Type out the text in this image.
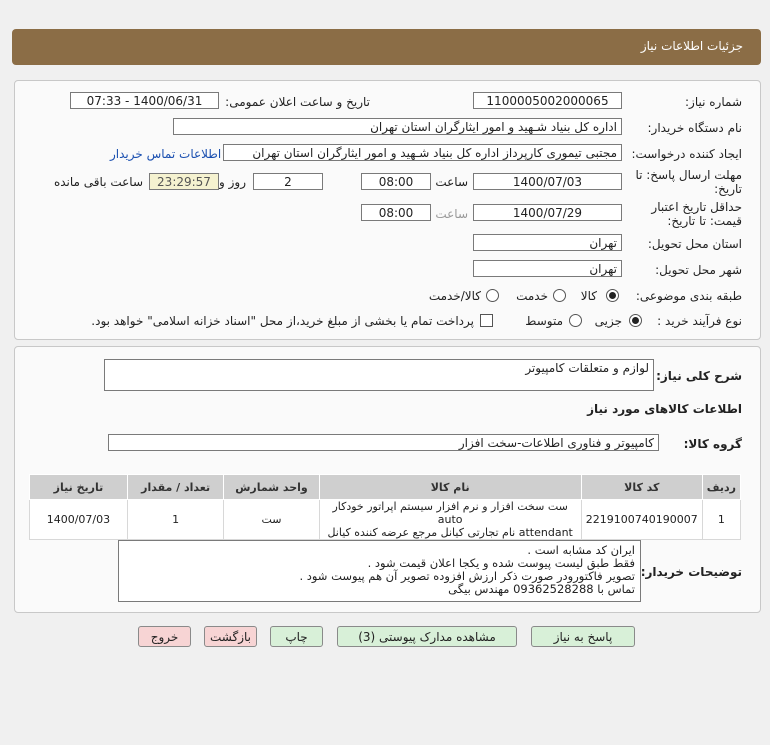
جزئیات اطلاعات نیاز
شماره نیاز:
1100005002000065
تاریخ و ساعت اعلان عمومی:
1400/06/31 - 07:33
نام دستگاه خریدار:
اداره کل بنیاد شـهید و امور ایثارگران استان تهران
ایجاد کننده درخواست:
مجتبی تیموری کارپرداز اداره کل بنیاد شـهید و امور ایثارگران استان تهران
اطلاعات تماس خریدار
مهلت ارسال پاسخ: تا
تاریخ:
1400/07/03
ساعت
08:00
2
روز و
23:29:57
ساعت باقی مانده
حداقل تاریخ اعتبار
قیمت: تا تاریخ:
1400/07/29
ساعت
08:00
استان محل تحویل:
تهران
شهر محل تحویل:
تهران
طبقه بندی موضوعی:
کالا
خدمت
کالا/خدمت
نوع فرآیند خرید :
جزیی
متوسط
پرداخت تمام یا بخشی از مبلغ خرید،از محل "اسناد خزانه اسلامی" خواهد بود.
شرح کلی نیاز:
لوازم و متعلقات کامپیوتر
اطلاعات کالاهای مورد نیاز
گروه کالا:
کامپیوتر و فناوری اطلاعات-سخت افزار
ردیف	کد کالا	نام کالا	واحد شمارش	تعداد / مقدار	تاریخ نیاز
1	2219100740190007	ست سخت افزار و نرم افزار سیستم اپراتور خودکار auto
attendant نام تجارتی کیانل مرجع عرضه کننده کیانل	ست	1	1400/07/03
توضیحات خریدار:
ایران کد مشابه است .
فقط طبق لیست پیوست شده و یکجا اعلان قیمت شود .
تصویر فاکتورودر صورت ذکر ارزش افزوده تصویر آن هم پیوست شود .
تماس با 09362528288 مهندس بیگی
پاسخ به نیاز
مشاهده مدارک پیوستی (3)
چاپ
بازگشت
خروج
